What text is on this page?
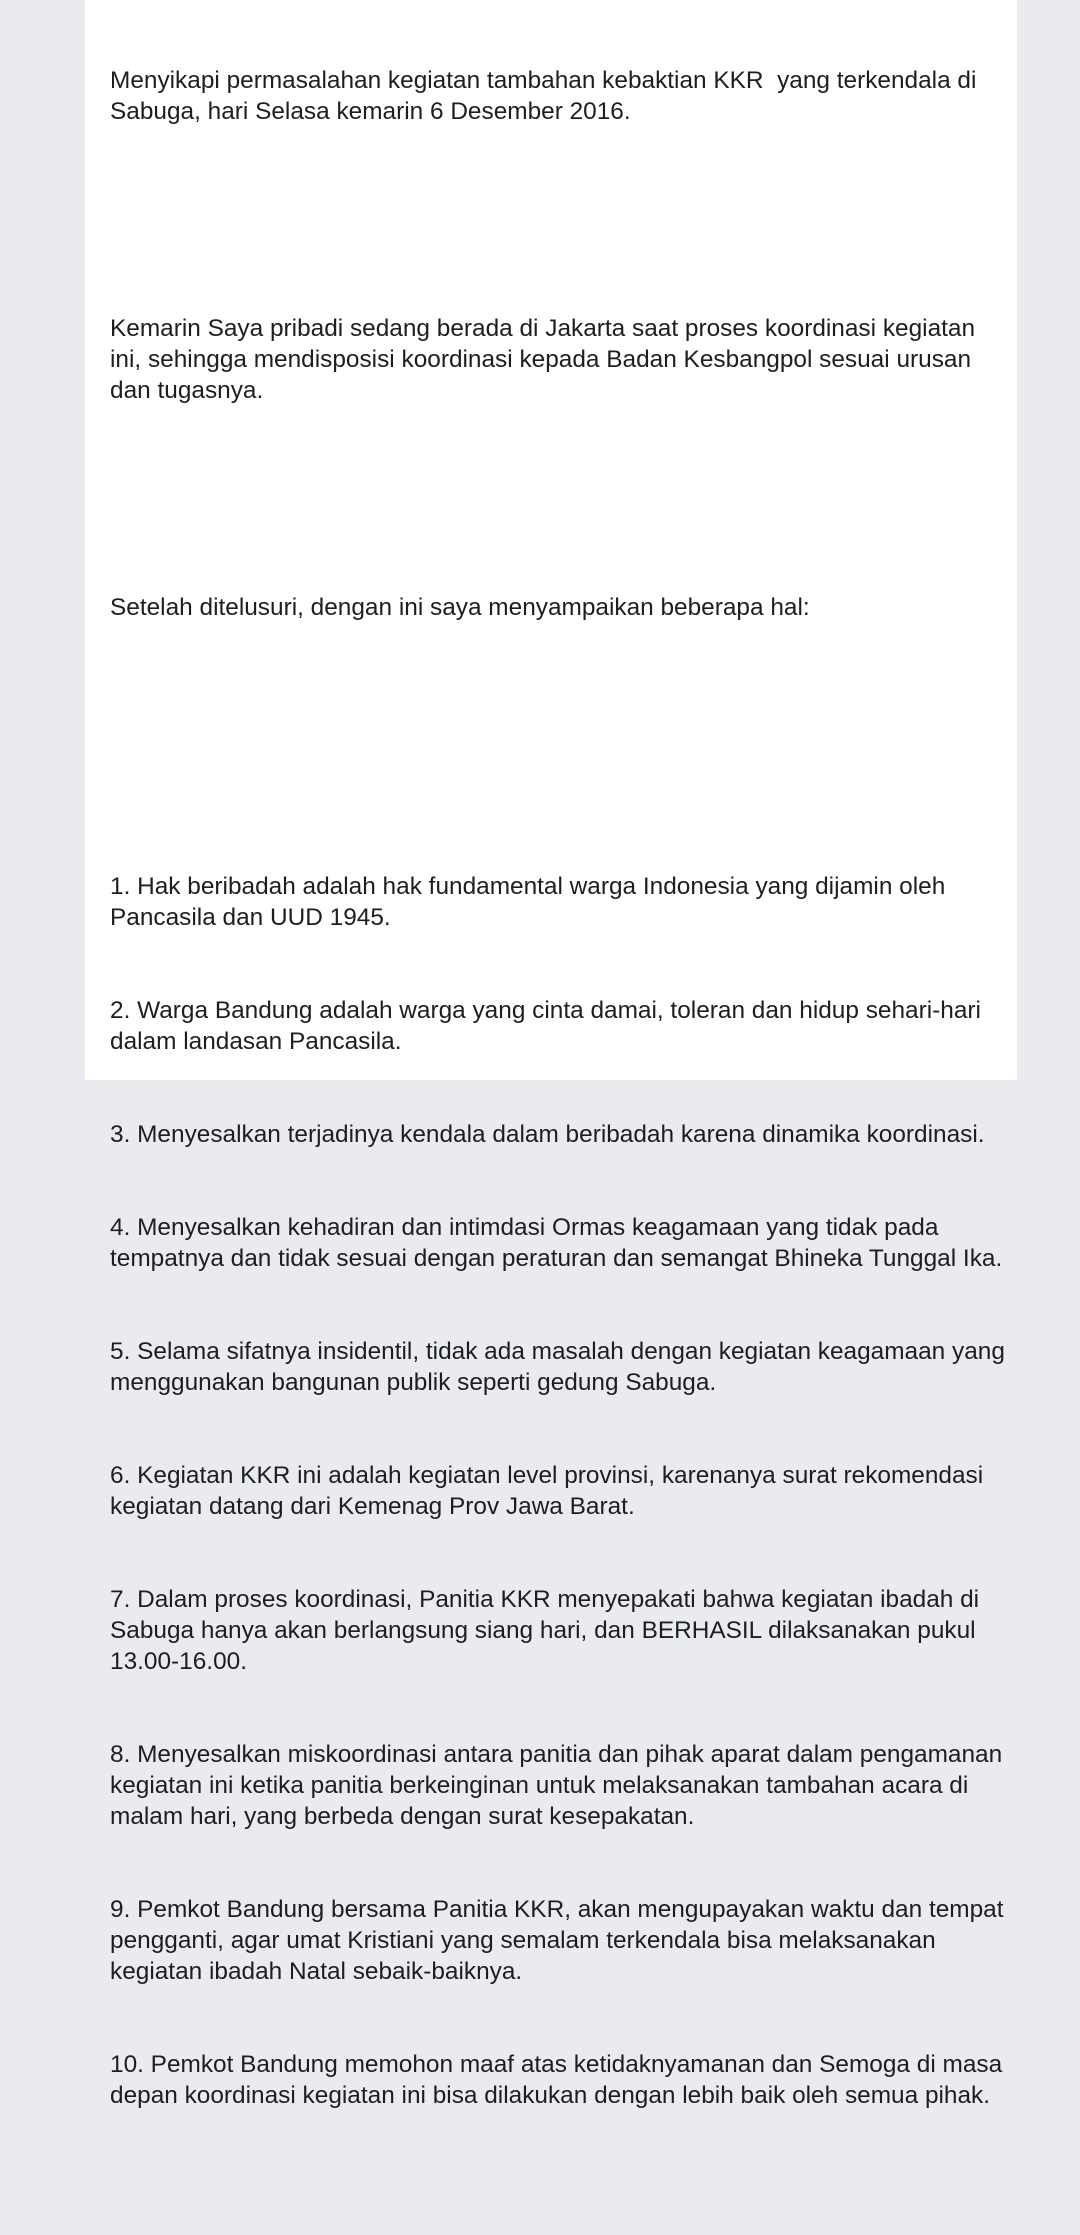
Menyikapi permasalahan kegiatan tambahan kebaktian KKR  yang terkendala di Sabuga, hari Selasa kemarin 6 Desember 2016.

Kemarin Saya pribadi sedang berada di Jakarta saat proses koordinasi kegiatan ini, sehingga mendisposisi koordinasi kepada Badan Kesbangpol sesuai urusan dan tugasnya.

Setelah ditelusuri, dengan ini saya menyampaikan beberapa hal:

1. Hak beribadah adalah hak fundamental warga Indonesia yang dijamin oleh Pancasila dan UUD 1945.

2. Warga Bandung adalah warga yang cinta damai, toleran dan hidup sehari-hari dalam landasan Pancasila.

3. Menyesalkan terjadinya kendala dalam beribadah karena dinamika koordinasi.

4. Menyesalkan kehadiran dan intimdasi Ormas keagamaan yang tidak pada tempatnya dan tidak sesuai dengan peraturan dan semangat Bhineka Tunggal Ika.

5. Selama sifatnya insidentil, tidak ada masalah dengan kegiatan keagamaan yang menggunakan bangunan publik seperti gedung Sabuga.

6. Kegiatan KKR ini adalah kegiatan level provinsi, karenanya surat rekomendasi kegiatan datang dari Kemenag Prov Jawa Barat.

7. Dalam proses koordinasi, Panitia KKR menyepakati bahwa kegiatan ibadah di Sabuga hanya akan berlangsung siang hari, dan BERHASIL dilaksanakan pukul 13.00-16.00.

8. Menyesalkan miskoordinasi antara panitia dan pihak aparat dalam pengamanan kegiatan ini ketika panitia berkeinginan untuk melaksanakan tambahan acara di malam hari, yang berbeda dengan surat kesepakatan.

9. Pemkot Bandung bersama Panitia KKR, akan mengupayakan waktu dan tempat pengganti, agar umat Kristiani yang semalam terkendala bisa melaksanakan kegiatan ibadah Natal sebaik-baiknya.

10. Pemkot Bandung memohon maaf atas ketidaknyamanan dan Semoga di masa depan koordinasi kegiatan ini bisa dilakukan dengan lebih baik oleh semua pihak.
